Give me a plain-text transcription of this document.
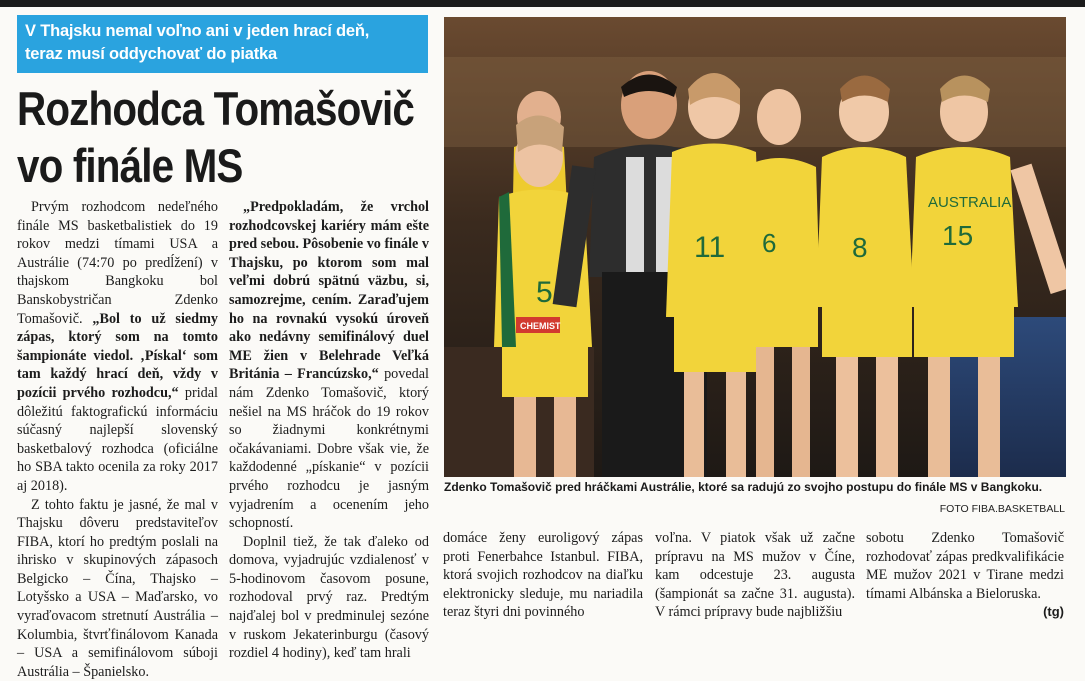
V Thajsku nemal voľno ani v jeden hrací deň,
teraz musí oddychovať do piatka
Rozhodca Tomašovič
vo finále MS

Prvým rozhodcom nedeľného finále MS basketbalistiek do 19 rokov medzi tímami USA a Austrálie (74:70 po predĺžení) v thajskom Bangkoku bol Banskobystričan Zdenko Tomašovič. „Bol to už siedmy zápas, ktorý som na tomto šampionáte viedol. ‚Pískal‘ som tam každý hrací deň, vždy v pozícii prvého rozhodcu,“ pridal dôležitú faktografickú informáciu súčasný najlepší slovenský basketbalový rozhodca (oficiálne ho SBA takto ocenila za roky 2017 aj 2018).

Z tohto faktu je jasné, že mal v Thajsku dôveru predstaviteľov FIBA, ktorí ho predtým poslali na ihrisko v skupinových zápasoch Belgicko – Čína, Thajsko – Lotyšsko a USA – Maďarsko, vo vyraďovacom stretnutí Austrália – Kolumbia, štvrťfinálovom Kanada – USA a semifinálovom súboji Austrália – Španielsko.

„Predpokladám, že vrchol rozhodcovskej kariéry mám ešte pred sebou. Pôsobenie vo finále v Thajsku, po ktorom som mal veľmi dobrú spätnú väzbu, si, samozrejme, cením. Zaraďujem ho na rovnakú vysokú úroveň ako nedávny semifinálový duel ME žien v Belehrade Veľká Británia – Francúzsko,“ povedal nám Zdenko Tomašovič, ktorý nešiel na MS hráčok do 19 rokov so žiadnymi konkrétnymi očakávaniami. Dobre však vie, že každodenné „pískanie“ v pozícii prvého rozhodcu je jasným vyjadrením a ocenením jeho schopností.

Doplnil tiež, že tak ďaleko od domova, vyjadrujúc vzdialenosť v 5-hodinovom časovom posune, rozhodoval prvý raz. Predtým najďalej bol v predminulej sezóne v ruskom Jekaterinburgu (časový rozdiel 4 hodiny), keď tam hrali

5
CHEMIST
11 6	8
AUSTRALIA
15
Zdenko Tomašovič pred hráčkami Austrálie, ktoré sa radujú zo svojho postupu do finále MS v Bangkoku.
FOTO FIBA.BASKETBALL

domáce ženy euroligový zápas proti Fenerbahce Istanbul. FIBA, ktorá svojich rozhodcov na diaľku elektronicky sleduje, mu nariadila teraz štyri dni povinného

voľna. V piatok však už začne prípravu na MS mužov v Číne, kam odcestuje 23. augusta (šampionát sa začne 31. augusta). V rámci prípravy bude najbližšiu

sobotu Zdenko Tomašovič rozhodovať zápas predkvalifikácie ME mužov 2021 v Tirane medzi tímami Albánska a Bieloruska.

(tg)
